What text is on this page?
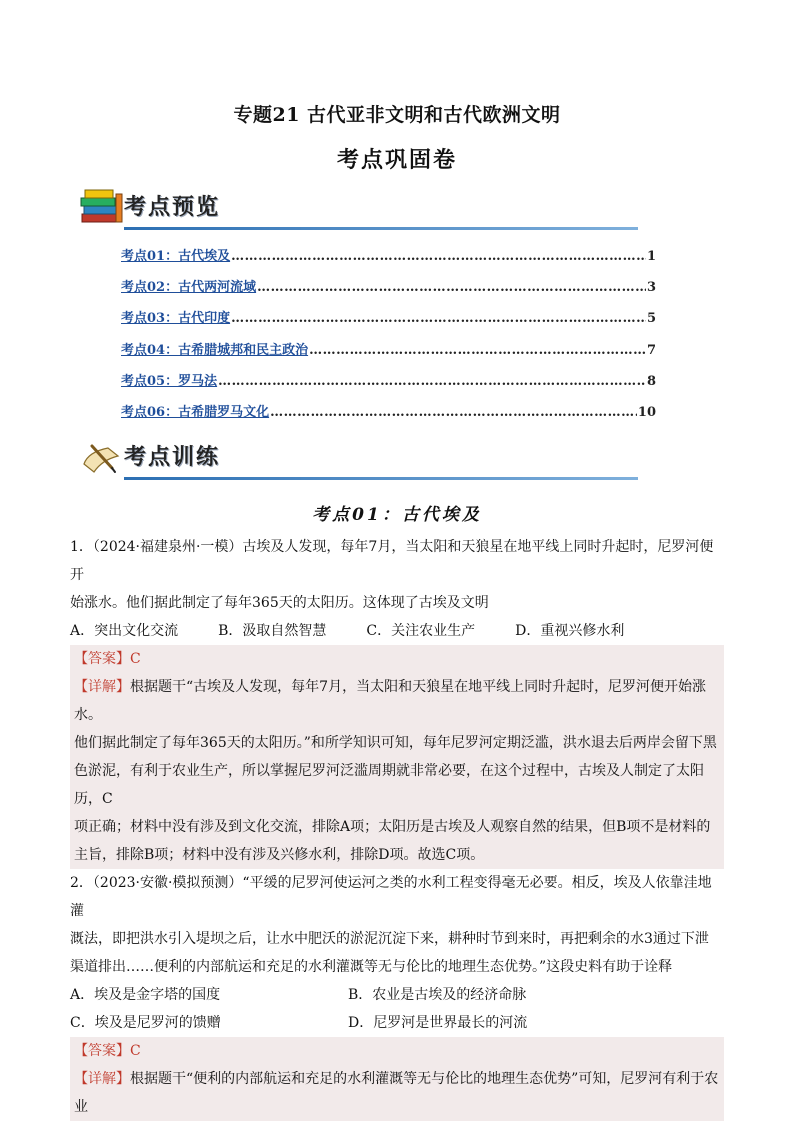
专题21 古代亚非文明和古代欧洲文明
考点巩固卷
考点预览
考点01：古代埃及 ……………………………………………………………………………………………………………………	1
考点02：古代两河流域 ……………………………………………………………………………………………………………………	3
考点03：古代印度 ……………………………………………………………………………………………………………………	5
考点04：古希腊城邦和民主政治 ……………………………………………………………………………………………………………………	7
考点05：罗马法 ……………………………………………………………………………………………………………………	8
考点06：古希腊罗马文化 ……………………………………………………………………………………………………………………	10
考点训练
考点01：古代埃及

1．（2024·福建泉州·一模）古埃及人发现，每年7月，当太阳和天狼星在地平线上同时升起时，尼罗河便开

始涨水。他们据此制定了每年365天的太阳历。这体现了古埃及文明

A．突出文化交流	B．汲取自然智慧	C．关注农业生产	D．重视兴修水利

【答案】C

【详解】根据题干“古埃及人发现，每年7月，当太阳和天狼星在地平线上同时升起时，尼罗河便开始涨水。

他们据此制定了每年365天的太阳历。”和所学知识可知，每年尼罗河定期泛滥，洪水退去后两岸会留下黑

色淤泥，有利于农业生产，所以掌握尼罗河泛滥周期就非常必要，在这个过程中，古埃及人制定了太阳历，C

项正确；材料中没有涉及到文化交流，排除A项；太阳历是古埃及人观察自然的结果，但B项不是材料的

主旨，排除B项；材料中没有涉及兴修水利，排除D项。故选C项。

2．（2023·安徽·模拟预测）“平缓的尼罗河使运河之类的水利工程变得毫无必要。相反，埃及人依靠洼地灌

溉法，即把洪水引入堤坝之后，让水中肥沃的淤泥沉淀下来，耕种时节到来时，再把剩余的水3通过下泄

渠道排出……便利的内部航运和充足的水利灌溉等无与伦比的地理生态优势。”这段史料有助于诠释

A．埃及是金字塔的国度	B．农业是古埃及的经济命脉
C．埃及是尼罗河的馈赠	D．尼罗河是世界最长的河流

【答案】C

【详解】根据题干“便利的内部航运和充足的水利灌溉等无与伦比的地理生态优势”可知，尼罗河有利于农业
